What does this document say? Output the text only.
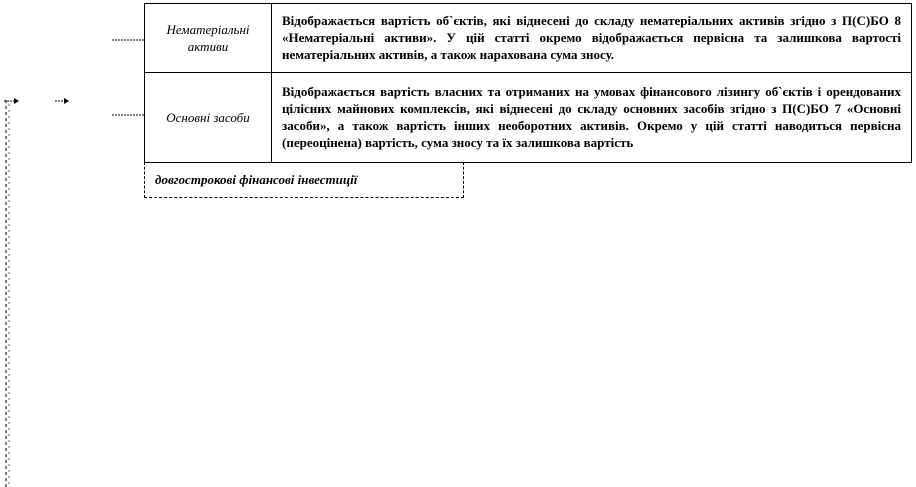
Нематеріальні активи	Відображається вартість об`єктів, які віднесені до складу нематеріальних активів згідно з П(С)БО 8 «Нематеріальні активи». У цій статті окремо відображається первісна та залишкова вартості нематеріальних активів, а також нарахована сума зносу.
Основні засоби	Відображається вартість власних та отриманих на умовах фінансового лізингу об`єктів і орендованих цілісних майнових комплексів, які віднесені до складу основних засобів згідно з П(С)БО 7 «Основні засоби», а також вартість інших необоротних активів. Окремо у цій статті наводиться первісна (переоцінена) вартість, сума зносу та їх залишкова вартість
довгострокові фінансові інвестиції
